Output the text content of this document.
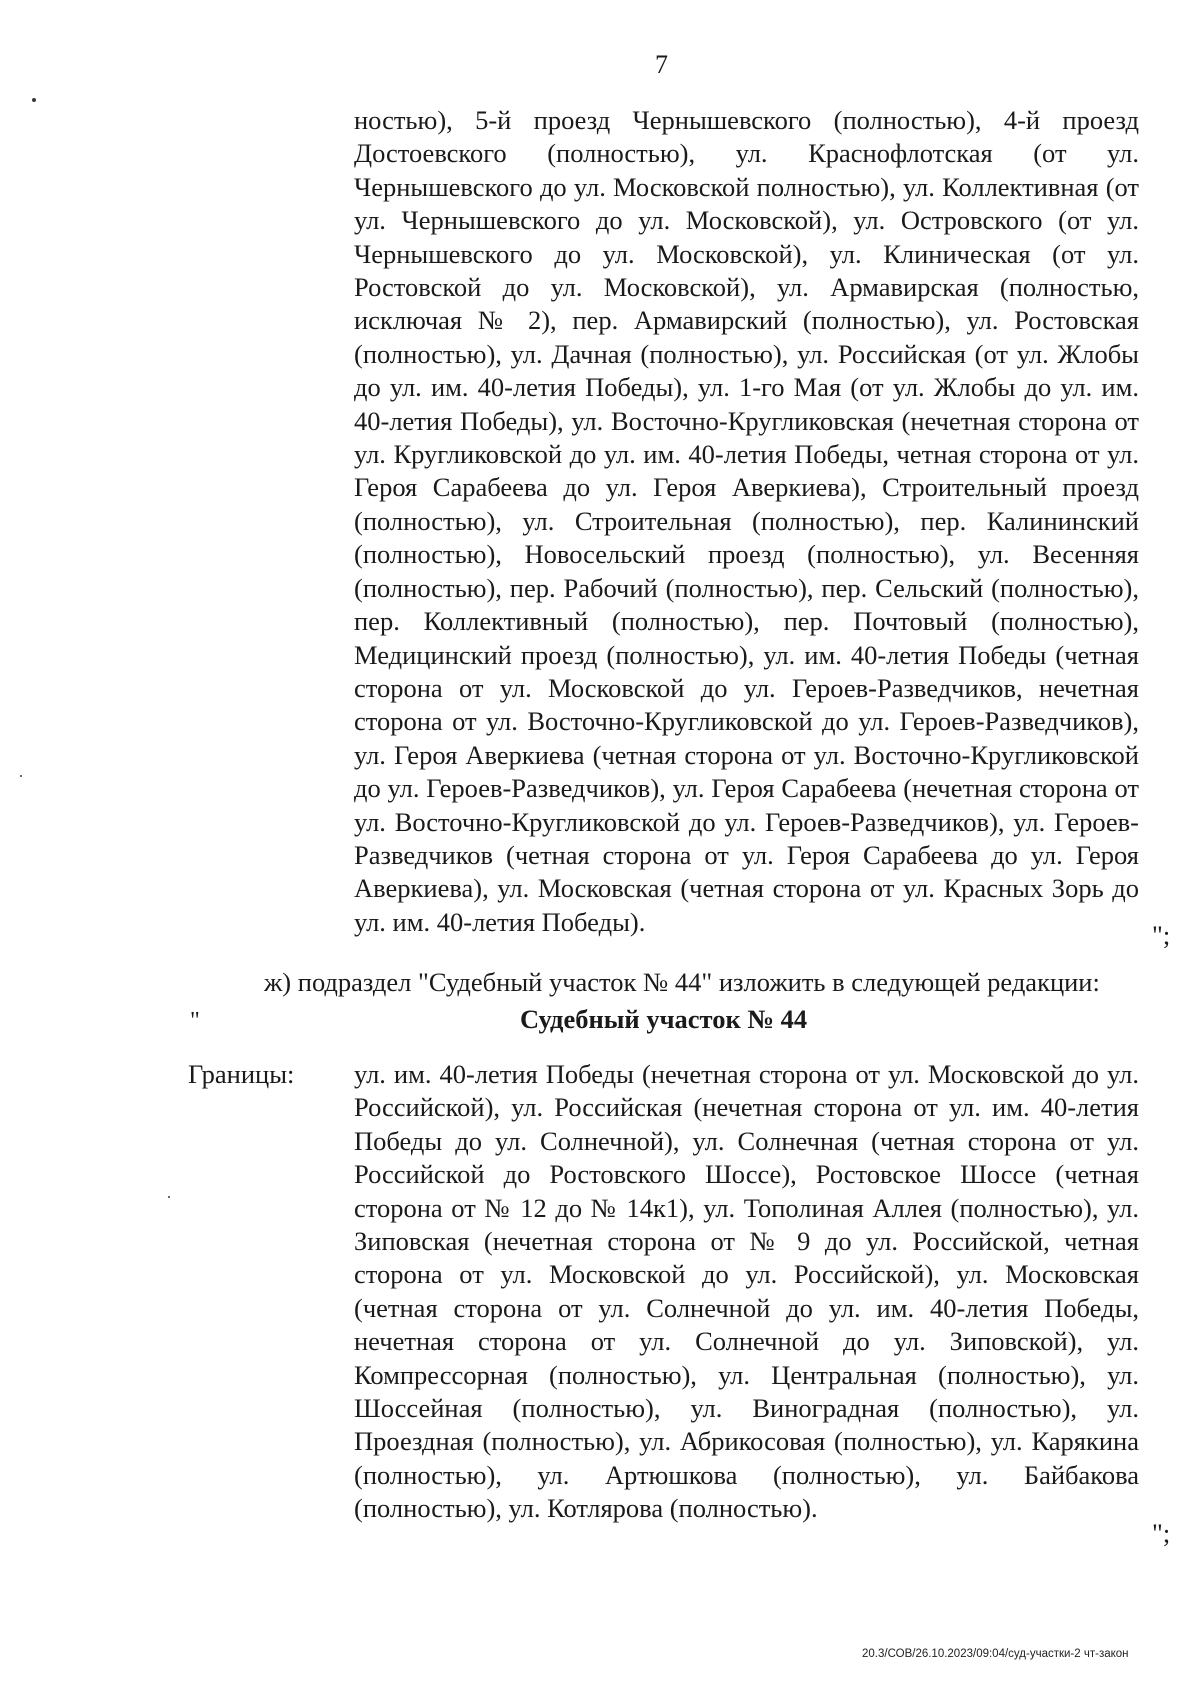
7
ностью), 5-й проезд Чернышевского (полностью), 4-й проезд Достоевского (полностью), ул. Краснофлотская (от ул. Чернышевского до ул. Московской полностью), ул. Коллективная (от ул. Чернышевского до ул. Московской), ул. Островского (от ул. Чернышевского до ул. Московской), ул. Клиническая (от ул. Ростовской до ул. Московской), ул. Армавирская (полностью, исключая № 2), пер. Армавирский (полностью), ул. Ростовская (полностью), ул. Дачная (полностью), ул. Российская (от ул. Жлобы до ул. им. 40-летия Победы), ул. 1-го Мая (от ул. Жлобы до ул. им. 40-летия Победы), ул. Восточно-Кругликовская (нечетная сторона от ул. Кругликовской до ул. им. 40-летия Победы, четная сторона от ул. Героя Сарабеева до ул. Героя Аверкиева), Строительный проезд (полностью), ул. Строительная (полностью), пер. Калининский (полностью), Новосельский проезд (полностью), ул. Весенняя (полностью), пер. Рабочий (полностью), пер. Сельский (полностью), пер. Коллективный (полностью), пер. Почтовый (полностью), Медицинский проезд (полностью), ул. им. 40-летия Победы (четная сторона от ул. Московской до ул. Героев-Разведчиков, нечетная сторона от ул. Восточно-Кругликовской до ул. Героев-Разведчиков), ул. Героя Аверкиева (четная сторона от ул. Восточно-Кругликовской до ул. Героев-Разведчиков), ул. Героя Сарабеева (нечетная сторона от ул. Восточно-Кругликовской до ул. Героев-Разведчиков), ул. Героев-Разведчиков (четная сторона от ул. Героя Сарабеева до ул. Героя Аверкиева), ул. Московская (четная сторона от ул. Красных Зорь до ул. им. 40-летия Победы).	";
ж) подраздел "Судебный участок № 44" изложить в следующей редакции:
"	Судебный участок № 44
Границы: ул. им. 40-летия Победы (нечетная сторона от ул. Московской до ул. Российской), ул. Российская (нечетная сторона от ул. им. 40-летия Победы до ул. Солнечной), ул. Солнечная (четная сторона от ул. Российской до Ростовского Шоссе), Ростовское Шоссе (четная сторона от № 12 до № 14к1), ул. Тополиная Аллея (полностью), ул. Зиповская (нечетная сторона от № 9 до ул. Российской, четная сторона от ул. Московской до ул. Российской), ул. Московская (четная сторона от ул. Солнечной до ул. им. 40-летия Победы, нечетная сторона от ул. Солнечной до ул. Зиповской), ул. Компрессорная (полностью), ул. Центральная (полностью), ул. Шоссейная (полностью), ул. Виноградная (полностью), ул. Проездная (полностью), ул. Абрикосовая (полностью), ул. Карякина (полностью), ул. Артюшкова (полностью), ул. Байбакова (полностью), ул. Котлярова (полностью).
";
20.3/СОВ/26.10.2023/09:04/суд-участки-2 чт-закон
